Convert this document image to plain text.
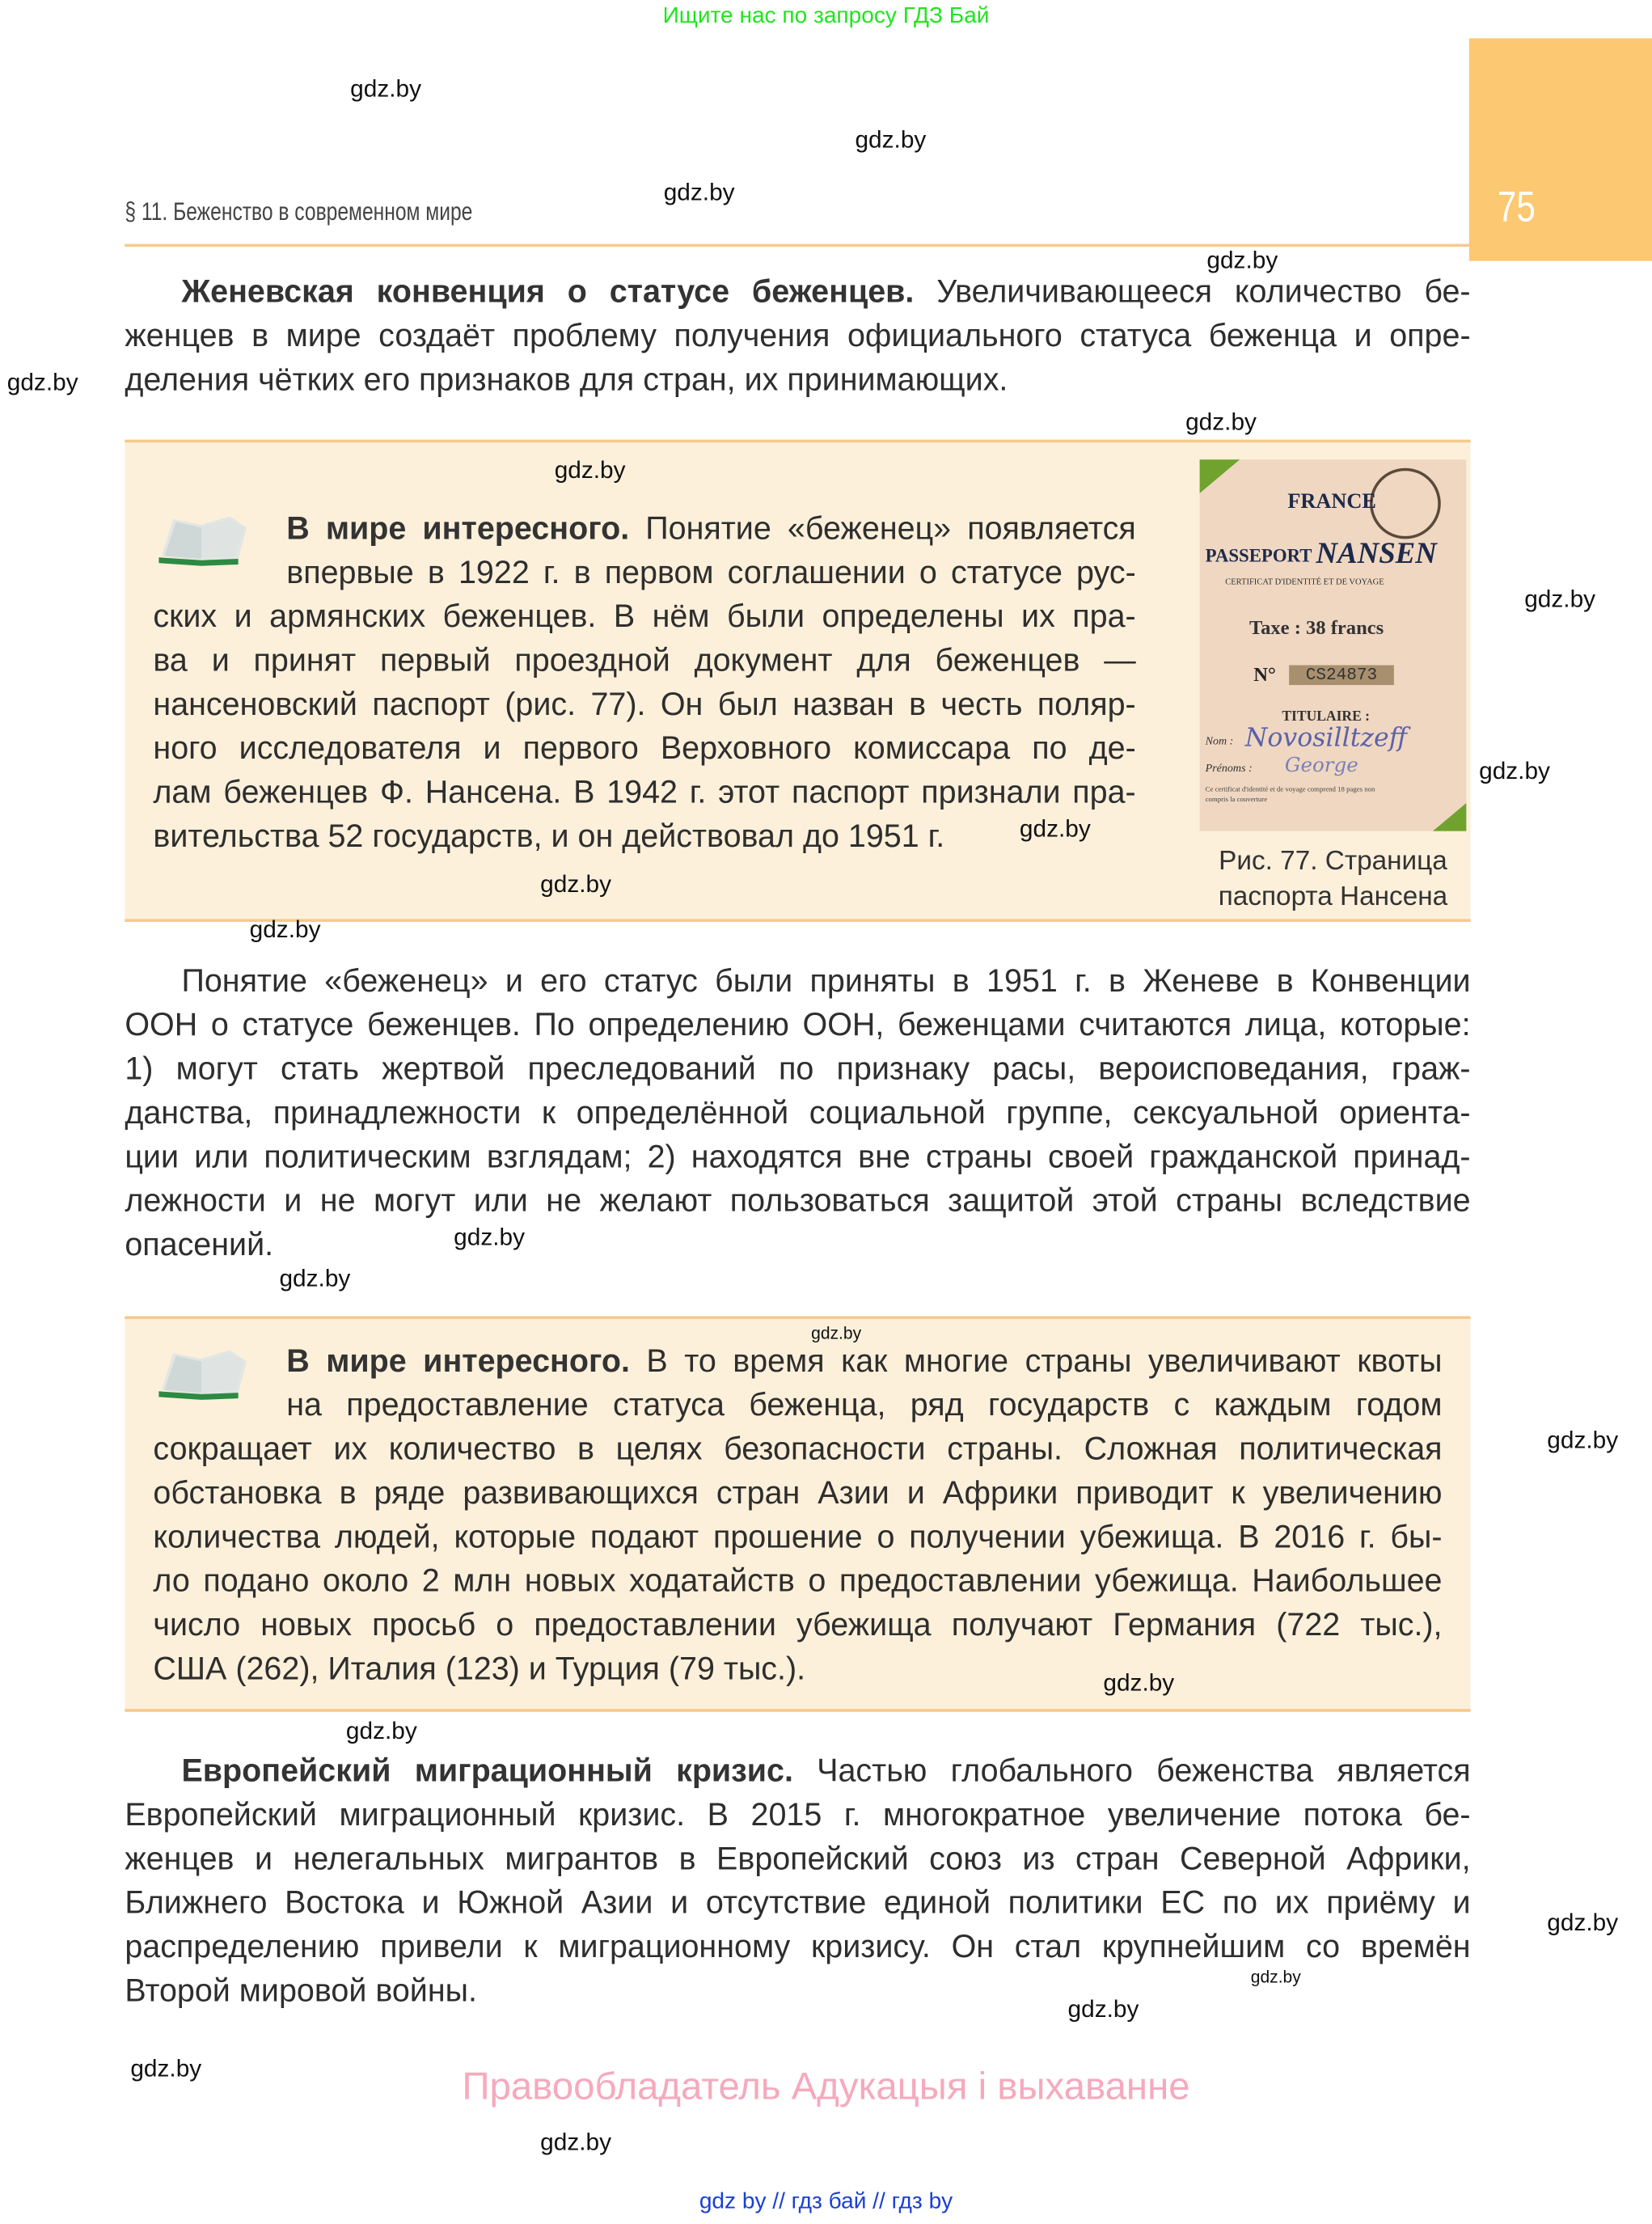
Ищите нас по запросу ГДЗ Бай
75
§ 11. Беженство в современном мире
Женевская конвенция о статусе беженцев. Увеличивающееся количество бе-
женцев в мире создаёт проблему получения официального статуса беженца и опре-
деления чётких его признаков для стран, их принимающих.
В мире интересного. Понятие «беженец» появляется
впервые в 1922 г. в первом соглашении о статусе рус-
ских и армянских беженцев. В нём были определены их пра-
ва и принят первый проездной документ для беженцев —
нансеновский паспорт (рис. 77). Он был назван в честь поляр-
ного исследователя и первого Верховного комиссара по де-
лам беженцев Ф. Нансена. В 1942 г. этот паспорт признали пра-
вительства 52 государств, и он действовал до 1951 г.
FRANCE
PASSEPORT NANSEN
CERTIFICAT D'IDENTITÉ ET DE VOYAGE
Taxe : 38 francs
N°	CS24873
TITULAIRE :
Nom : Novosilltzeff
Prénoms :	George
Ce certificat d'identité et de voyage comprend 18 pages non compris la couverture
Рис. 77. Страница
паспорта Нансена
Понятие «беженец» и его статус были приняты в 1951 г. в Женеве в Конвенции
ООН о статусе беженцев. По определению ООН, беженцами считаются лица, которые:
1) могут стать жертвой преследований по признаку расы, вероисповедания, граж-
данства, принадлежности к определённой социальной группе, сексуальной ориента-
ции или политическим взглядам; 2) находятся вне страны своей гражданской принад-
лежности и не могут или не желают пользоваться защитой этой страны вследствие
опасений.
В мире интересного. В то время как многие страны увеличивают квоты
на предоставление статуса беженца, ряд государств с каждым годом
сокращает их количество в целях безопасности страны. Сложная политическая
обстановка в ряде развивающихся стран Азии и Африки приводит к увеличению
количества людей, которые подают прошение о получении убежища. В 2016 г. бы-
ло подано около 2 млн новых ходатайств о предоставлении убежища. Наибольшее
число новых просьб о предоставлении убежища получают Германия (722 тыс.),
США (262), Италия (123) и Турция (79 тыс.).
Европейский миграционный кризис. Частью глобального беженства является
Европейский миграционный кризис. В 2015 г. многократное увеличение потока бе-
женцев и нелегальных мигрантов в Европейский союз из стран Северной Африки,
Ближнего Востока и Южной Азии и отсутствие единой политики ЕС по их приёму и
распределению привели к миграционному кризису. Он стал крупнейшим со времён
Второй мировой войны.
gdz.by
gdz.by
gdz.by
gdz.by
gdz.by
gdz.by
gdz.by
gdz.by
gdz.by
gdz.by
gdz.by
gdz.by
gdz.by
gdz.by
gdz.by
gdz.by
gdz.by
gdz.by
gdz.by
gdz.by
gdz.by
gdz.by
gdz.by
Правообладатель Адукацыя і выхаванне
gdz by // гдз бай // гдз by
